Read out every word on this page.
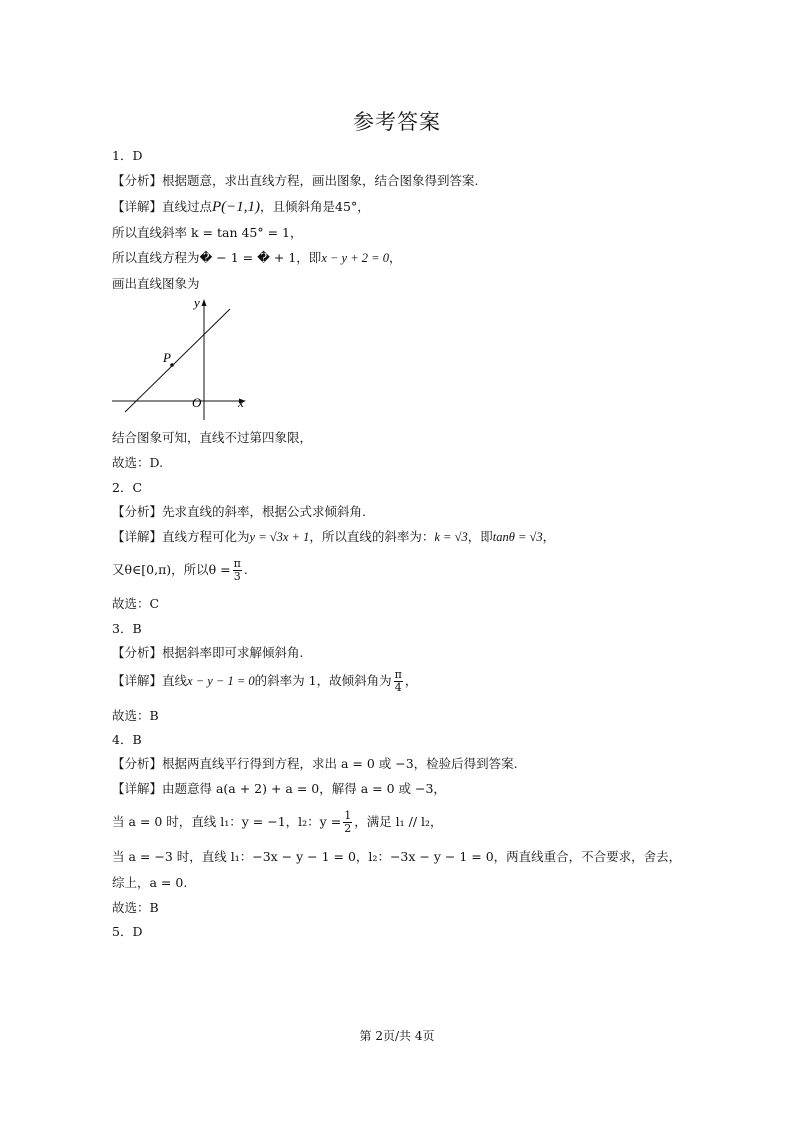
参考答案
1．D
【分析】根据题意，求出直线方程，画出图象，结合图象得到答案.
【详解】直线过点P(−1,1)，且倾斜角是45°，
所以直线斜率 k = tan 45° = 1，
所以直线方程为� − 1 = � + 1，即x − y + 2 = 0，
画出直线图象为
y
x
O
P
结合图象可知，直线不过第四象限，
故选：D.
2．C
【分析】先求直线的斜率，根据公式求倾斜角.
【详解】直线方程可化为y = √3x + 1，所以直线的斜率为：k = √3，即tanθ = √3，
又θ∈[0,π)，所以$\theta = \frac{\pi}{3}$ .
故选：C
3．B
【分析】根据斜率即可求解倾斜角.
【详解】直线x − y − 1 = 0的斜率为 1，故倾斜角为 $\frac{\pi}{4}$ ，
故选：B
4．B
【分析】根据两直线平行得到方程，求出 a = 0 或 −3，检验后得到答案.
【详解】由题意得 a(a + 2) + a = 0，解得 a = 0 或 −3，
当 a = 0 时，直线 l₁：y = −1，l₂：$y = \frac{1}{2}$ ，满足 l₁ // l₂，
当 a = −3 时，直线 l₁：−3x − y − 1 = 0，l₂：−3x − y − 1 = 0，两直线重合，不合要求，舍去，
综上，a = 0.
故选：B
5．D
第 2页/共 4页
